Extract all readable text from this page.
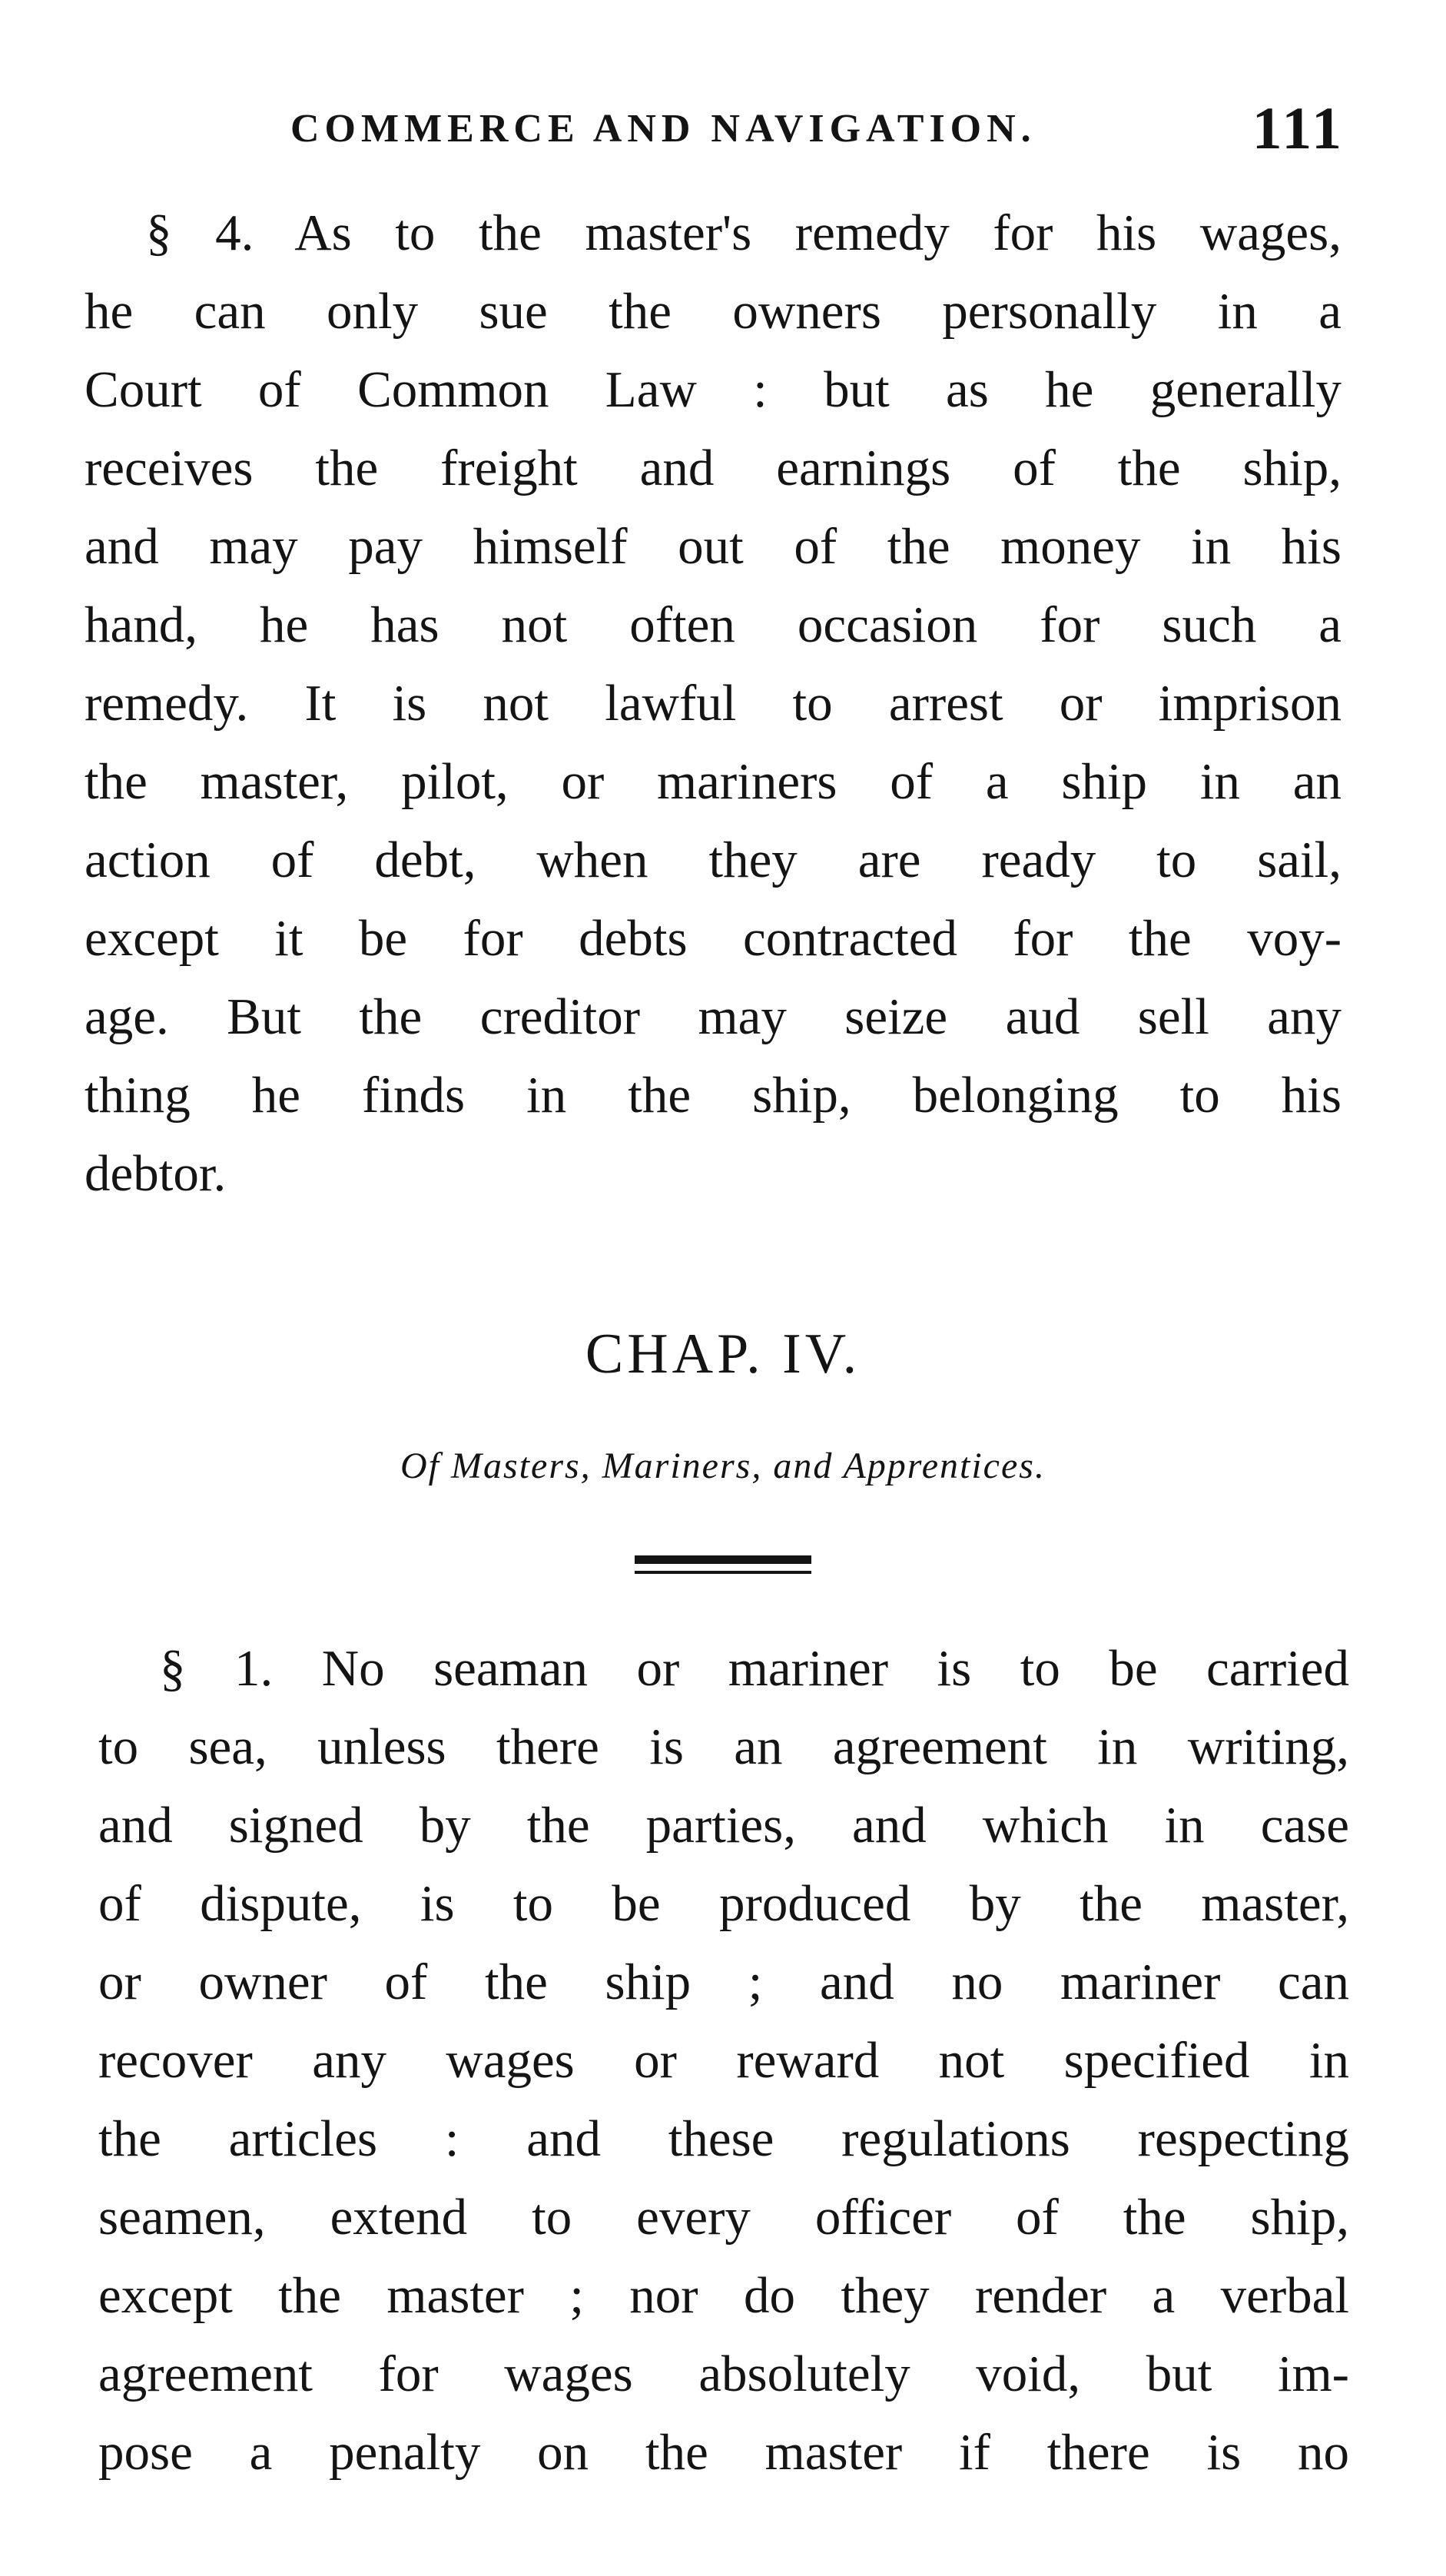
COMMERCE AND NAVIGATION.	111
§ 4. As to the master's remedy for his wages,
he can only sue the owners personally in a
Court of Common Law : but as he generally
receives the freight and earnings of the ship,
and may pay himself out of the money in his
hand, he has not often occasion for such a
remedy. It is not lawful to arrest or imprison
the master, pilot, or mariners of a ship in an
action of debt, when they are ready to sail,
except it be for debts contracted for the voy-
age. But the creditor may seize aud sell any
thing he finds in the ship, belonging to his
debtor.
CHAP. IV.
Of Masters, Mariners, and Apprentices.
§ 1. No seaman or mariner is to be carried
to sea, unless there is an agreement in writing,
and signed by the parties, and which in case
of dispute, is to be produced by the master,
or owner of the ship ; and no mariner can
recover any wages or reward not specified in
the articles : and these regulations respecting
seamen, extend to every officer of the ship,
except the master ; nor do they render a verbal
agreement for wages absolutely void, but im-
pose a penalty on the master if there is no
